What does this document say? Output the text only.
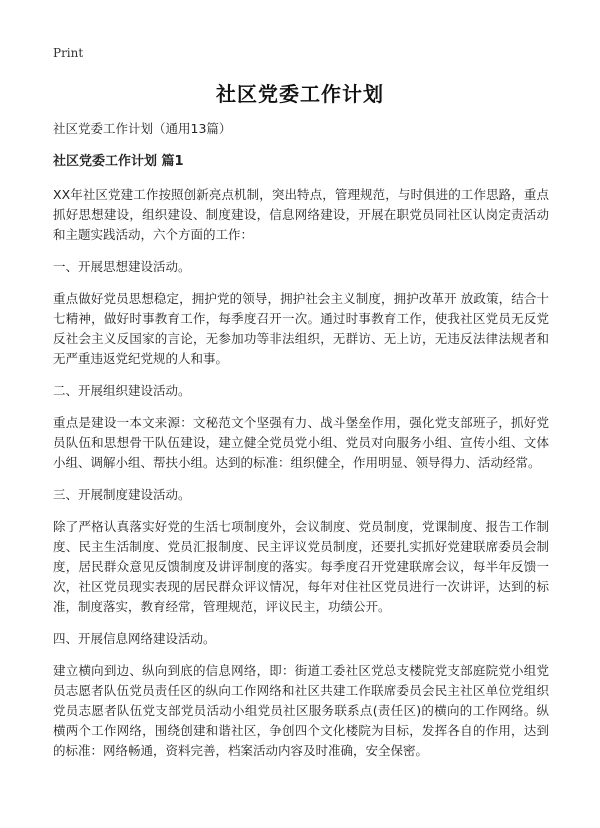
Print
社区党委工作计划
社区党委工作计划（通用13篇）
社区党委工作计划 篇1

XX年社区党建工作按照创新亮点机制，突出特点，管理规范，与时俱进的工作思路，重点抓好思想建设，组织建设、制度建设，信息网络建设，开展在职党员同社区认岗定责活动和主题实践活动，六个方面的工作：

一、开展思想建设活动。

重点做好党员思想稳定，拥护党的领导，拥护社会主义制度，拥护改革开 放政策，结合十七精神，做好时事教育工作，每季度召开一次。通过时事教育工作，使我社区党员无反党反社会主义反国家的言论，无参加功等非法组织，无群访、无上访，无违反法律法规者和无严重违返党纪党规的人和事。

二、开展组织建设活动。

重点是建设一本文来源：文秘范文个坚强有力、战斗堡垒作用，强化党支部班子，抓好党员队伍和思想骨干队伍建设，建立健全党员党小组、党员对向服务小组、宣传小组、文体小组、调解小组、帮扶小组。达到的标准：组织健全，作用明显、领导得力、活动经常。

三、开展制度建设活动。

除了严格认真落实好党的生活七项制度外，会议制度、党员制度，党课制度、报告工作制度、民主生活制度、党员汇报制度、民主评议党员制度，还要扎实抓好党建联席委员会制度，居民群众意见反馈制度及讲评制度的落实。每季度召开党建联席会议，每半年反馈一次，社区党员现实表现的居民群众评议情况，每年对住社区党员进行一次讲评，达到的标准，制度落实，教育经常，管理规范，评议民主，功绩公开。

四、开展信息网络建设活动。

建立横向到边、纵向到底的信息网络，即：街道工委社区党总支楼院党支部庭院党小组党员志愿者队伍党员责任区的纵向工作网络和社区共建工作联席委员会民主社区单位党组织党员志愿者队伍党支部党员活动小组党员社区服务联系点(责任区)的横向的工作网络。纵横两个工作网络，围绕创建和谐社区，争创四个文化楼院为目标，发挥各自的作用，达到的标准：网络畅通，资料完善，档案活动内容及时准确，安全保密。
